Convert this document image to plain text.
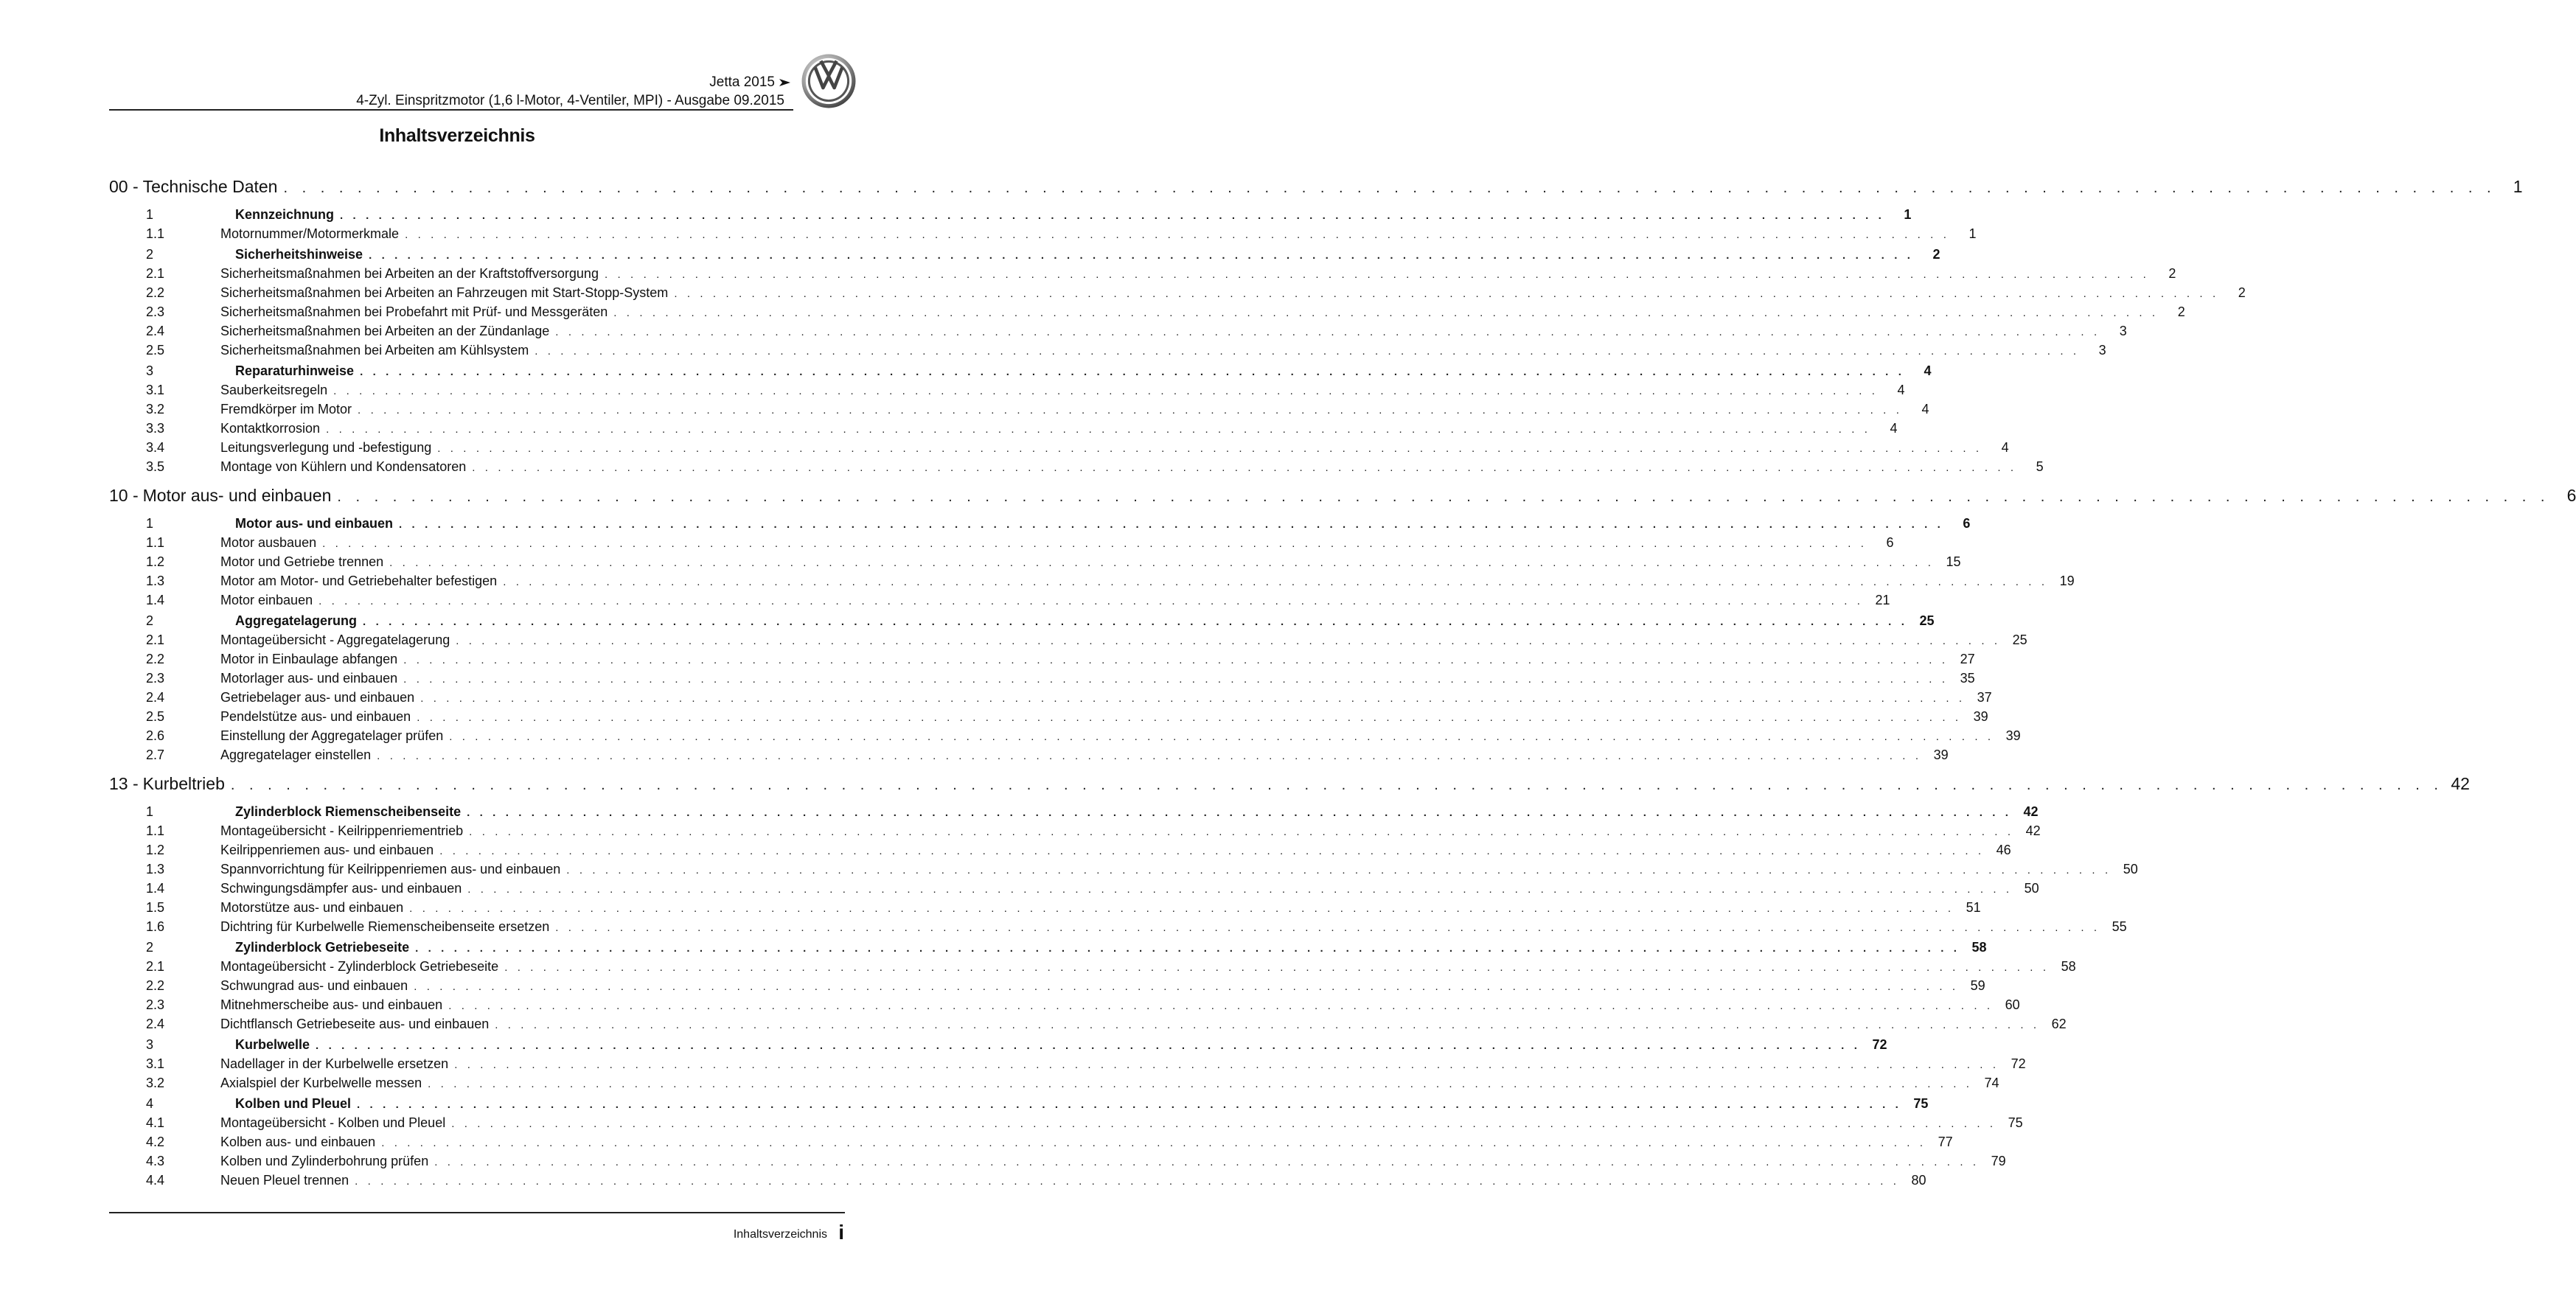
Jetta 2015
4-Zyl. Einspritzmotor (1,6 l-Motor, 4-Ventiler, MPI) - Ausgabe 09.2015
Inhaltsverzeichnis
00 - Technische Daten . . . . . . . . . . . . . . . . . . . . . . . . . . . . . . . . . . . . . . . . . . . . . . . . . . . . . . . . . . . . . . . . . . . . . . . . . . . . . . . . . . . . . . . . . . . . . . . . . . . . . . . . . . . . . . . . . . . . . . . .	1
1	Kennzeichnung . . . . . . . . . . . . . . . . . . . . . . . . . . . . . . . . . . . . . . . . . . . . . . . . . . . . . . . . . . . . . . . . . . . . . . . . . . . . . . . . . . . . . . . . . . . . . . . . . . . . . . . . . . . . . . . . . . . . . . . .	1
1.1	Motornummer/Motormerkmale . . . . . . . . . . . . . . . . . . . . . . . . . . . . . . . . . . . . . . . . . . . . . . . . . . . . . . . . . . . . . . . . . . . . . . . . . . . . . . . . . . . . . . . . . . . . . . . . . . . . . . . . . . . . . . . . . . . . . . . .	1
2	Sicherheitshinweise . . . . . . . . . . . . . . . . . . . . . . . . . . . . . . . . . . . . . . . . . . . . . . . . . . . . . . . . . . . . . . . . . . . . . . . . . . . . . . . . . . . . . . . . . . . . . . . . . . . . . . . . . . . . . . . . . . . . . . . .	2
2.1	Sicherheitsmaßnahmen bei Arbeiten an der Kraftstoffversorgung . . . . . . . . . . . . . . . . . . . . . . . . . . . . . . . . . . . . . . . . . . . . . . . . . . . . . . . . . . . . . . . . . . . . . . . . . . . . . . . . . . . . . . . . . . . . . . . . . . . . . . . . . . . . . . . . . . . . . . . .	2
2.2	Sicherheitsmaßnahmen bei Arbeiten an Fahrzeugen mit Start-Stopp-System . . . . . . . . . . . . . . . . . . . . . . . . . . . . . . . . . . . . . . . . . . . . . . . . . . . . . . . . . . . . . . . . . . . . . . . . . . . . . . . . . . . . . . . . . . . . . . . . . . . . . . . . . . . . . . . . . . . . . . . .	2
2.3	Sicherheitsmaßnahmen bei Probefahrt mit Prüf- und Messgeräten . . . . . . . . . . . . . . . . . . . . . . . . . . . . . . . . . . . . . . . . . . . . . . . . . . . . . . . . . . . . . . . . . . . . . . . . . . . . . . . . . . . . . . . . . . . . . . . . . . . . . . . . . . . . . . . . . . . . . . . .	2
2.4	Sicherheitsmaßnahmen bei Arbeiten an der Zündanlage . . . . . . . . . . . . . . . . . . . . . . . . . . . . . . . . . . . . . . . . . . . . . . . . . . . . . . . . . . . . . . . . . . . . . . . . . . . . . . . . . . . . . . . . . . . . . . . . . . . . . . . . . . . . . . . . . . . . . . . .	3
2.5	Sicherheitsmaßnahmen bei Arbeiten am Kühlsystem . . . . . . . . . . . . . . . . . . . . . . . . . . . . . . . . . . . . . . . . . . . . . . . . . . . . . . . . . . . . . . . . . . . . . . . . . . . . . . . . . . . . . . . . . . . . . . . . . . . . . . . . . . . . . . . . . . . . . . . .	3
3	Reparaturhinweise . . . . . . . . . . . . . . . . . . . . . . . . . . . . . . . . . . . . . . . . . . . . . . . . . . . . . . . . . . . . . . . . . . . . . . . . . . . . . . . . . . . . . . . . . . . . . . . . . . . . . . . . . . . . . . . . . . . . . . . .	4
3.1	Sauberkeitsregeln . . . . . . . . . . . . . . . . . . . . . . . . . . . . . . . . . . . . . . . . . . . . . . . . . . . . . . . . . . . . . . . . . . . . . . . . . . . . . . . . . . . . . . . . . . . . . . . . . . . . . . . . . . . . . . . . . . . . . . . .	4
3.2	Fremdkörper im Motor . . . . . . . . . . . . . . . . . . . . . . . . . . . . . . . . . . . . . . . . . . . . . . . . . . . . . . . . . . . . . . . . . . . . . . . . . . . . . . . . . . . . . . . . . . . . . . . . . . . . . . . . . . . . . . . . . . . . . . . .	4
3.3	Kontaktkorrosion . . . . . . . . . . . . . . . . . . . . . . . . . . . . . . . . . . . . . . . . . . . . . . . . . . . . . . . . . . . . . . . . . . . . . . . . . . . . . . . . . . . . . . . . . . . . . . . . . . . . . . . . . . . . . . . . . . . . . . . .	4
3.4	Leitungsverlegung und -befestigung . . . . . . . . . . . . . . . . . . . . . . . . . . . . . . . . . . . . . . . . . . . . . . . . . . . . . . . . . . . . . . . . . . . . . . . . . . . . . . . . . . . . . . . . . . . . . . . . . . . . . . . . . . . . . . . . . . . . . . . .	4
3.5	Montage von Kühlern und Kondensatoren . . . . . . . . . . . . . . . . . . . . . . . . . . . . . . . . . . . . . . . . . . . . . . . . . . . . . . . . . . . . . . . . . . . . . . . . . . . . . . . . . . . . . . . . . . . . . . . . . . . . . . . . . . . . . . . . . . . . . . . .	5
10 - Motor aus- und einbauen . . . . . . . . . . . . . . . . . . . . . . . . . . . . . . . . . . . . . . . . . . . . . . . . . . . . . . . . . . . . . . . . . . . . . . . . . . . . . . . . . . . . . . . . . . . . . . . . . . . . . . . . . . . . . . . . . . . . . . . .	6
1	Motor aus- und einbauen . . . . . . . . . . . . . . . . . . . . . . . . . . . . . . . . . . . . . . . . . . . . . . . . . . . . . . . . . . . . . . . . . . . . . . . . . . . . . . . . . . . . . . . . . . . . . . . . . . . . . . . . . . . . . . . . . . . . . . . .	6
1.1	Motor ausbauen . . . . . . . . . . . . . . . . . . . . . . . . . . . . . . . . . . . . . . . . . . . . . . . . . . . . . . . . . . . . . . . . . . . . . . . . . . . . . . . . . . . . . . . . . . . . . . . . . . . . . . . . . . . . . . . . . . . . . . . .	6
1.2	Motor und Getriebe trennen . . . . . . . . . . . . . . . . . . . . . . . . . . . . . . . . . . . . . . . . . . . . . . . . . . . . . . . . . . . . . . . . . . . . . . . . . . . . . . . . . . . . . . . . . . . . . . . . . . . . . . . . . . . . . . . . . . . . . . . . 15
1.3	Motor am Motor- und Getriebehalter befestigen . . . . . . . . . . . . . . . . . . . . . . . . . . . . . . . . . . . . . . . . . . . . . . . . . . . . . . . . . . . . . . . . . . . . . . . . . . . . . . . . . . . . . . . . . . . . . . . . . . . . . . . . . . . . . . . . . . . . . . . . 19
1.4	Motor einbauen . . . . . . . . . . . . . . . . . . . . . . . . . . . . . . . . . . . . . . . . . . . . . . . . . . . . . . . . . . . . . . . . . . . . . . . . . . . . . . . . . . . . . . . . . . . . . . . . . . . . . . . . . . . . . . . . . . . . . . . . 21
2	Aggregatelagerung . . . . . . . . . . . . . . . . . . . . . . . . . . . . . . . . . . . . . . . . . . . . . . . . . . . . . . . . . . . . . . . . . . . . . . . . . . . . . . . . . . . . . . . . . . . . . . . . . . . . . . . . . . . . . . . . . . . . . . . . 25
2.1	Montageübersicht - Aggregatelagerung . . . . . . . . . . . . . . . . . . . . . . . . . . . . . . . . . . . . . . . . . . . . . . . . . . . . . . . . . . . . . . . . . . . . . . . . . . . . . . . . . . . . . . . . . . . . . . . . . . . . . . . . . . . . . . . . . . . . . . . . 25
2.2	Motor in Einbaulage abfangen . . . . . . . . . . . . . . . . . . . . . . . . . . . . . . . . . . . . . . . . . . . . . . . . . . . . . . . . . . . . . . . . . . . . . . . . . . . . . . . . . . . . . . . . . . . . . . . . . . . . . . . . . . . . . . . . . . . . . . . . 27
2.3	Motorlager aus- und einbauen . . . . . . . . . . . . . . . . . . . . . . . . . . . . . . . . . . . . . . . . . . . . . . . . . . . . . . . . . . . . . . . . . . . . . . . . . . . . . . . . . . . . . . . . . . . . . . . . . . . . . . . . . . . . . . . . . . . . . . . . 35
2.4	Getriebelager aus- und einbauen . . . . . . . . . . . . . . . . . . . . . . . . . . . . . . . . . . . . . . . . . . . . . . . . . . . . . . . . . . . . . . . . . . . . . . . . . . . . . . . . . . . . . . . . . . . . . . . . . . . . . . . . . . . . . . . . . . . . . . . . 37
2.5	Pendelstütze aus- und einbauen . . . . . . . . . . . . . . . . . . . . . . . . . . . . . . . . . . . . . . . . . . . . . . . . . . . . . . . . . . . . . . . . . . . . . . . . . . . . . . . . . . . . . . . . . . . . . . . . . . . . . . . . . . . . . . . . . . . . . . . . 39
2.6	Einstellung der Aggregatelager prüfen . . . . . . . . . . . . . . . . . . . . . . . . . . . . . . . . . . . . . . . . . . . . . . . . . . . . . . . . . . . . . . . . . . . . . . . . . . . . . . . . . . . . . . . . . . . . . . . . . . . . . . . . . . . . . . . . . . . . . . . . 39
2.7	Aggregatelager einstellen . . . . . . . . . . . . . . . . . . . . . . . . . . . . . . . . . . . . . . . . . . . . . . . . . . . . . . . . . . . . . . . . . . . . . . . . . . . . . . . . . . . . . . . . . . . . . . . . . . . . . . . . . . . . . . . . . . . . . . . . 39
13 - Kurbeltrieb . . . . . . . . . . . . . . . . . . . . . . . . . . . . . . . . . . . . . . . . . . . . . . . . . . . . . . . . . . . . . . . . . . . . . . . . . . . . . . . . . . . . . . . . . . . . . . . . . . . . . . . . . . . . . . . . . . . . . . . . 42
1	Zylinderblock Riemenscheibenseite . . . . . . . . . . . . . . . . . . . . . . . . . . . . . . . . . . . . . . . . . . . . . . . . . . . . . . . . . . . . . . . . . . . . . . . . . . . . . . . . . . . . . . . . . . . . . . . . . . . . . . . . . . . . . . . . . . . . . . . . 42
1.1	Montageübersicht - Keilrippenriementrieb . . . . . . . . . . . . . . . . . . . . . . . . . . . . . . . . . . . . . . . . . . . . . . . . . . . . . . . . . . . . . . . . . . . . . . . . . . . . . . . . . . . . . . . . . . . . . . . . . . . . . . . . . . . . . . . . . . . . . . . . 42
1.2	Keilrippenriemen aus- und einbauen . . . . . . . . . . . . . . . . . . . . . . . . . . . . . . . . . . . . . . . . . . . . . . . . . . . . . . . . . . . . . . . . . . . . . . . . . . . . . . . . . . . . . . . . . . . . . . . . . . . . . . . . . . . . . . . . . . . . . . . . 46
1.3	Spannvorrichtung für Keilrippenriemen aus- und einbauen . . . . . . . . . . . . . . . . . . . . . . . . . . . . . . . . . . . . . . . . . . . . . . . . . . . . . . . . . . . . . . . . . . . . . . . . . . . . . . . . . . . . . . . . . . . . . . . . . . . . . . . . . . . . . . . . . . . . . . . . 50
1.4	Schwingungsdämpfer aus- und einbauen . . . . . . . . . . . . . . . . . . . . . . . . . . . . . . . . . . . . . . . . . . . . . . . . . . . . . . . . . . . . . . . . . . . . . . . . . . . . . . . . . . . . . . . . . . . . . . . . . . . . . . . . . . . . . . . . . . . . . . . . 50
1.5	Motorstütze aus- und einbauen . . . . . . . . . . . . . . . . . . . . . . . . . . . . . . . . . . . . . . . . . . . . . . . . . . . . . . . . . . . . . . . . . . . . . . . . . . . . . . . . . . . . . . . . . . . . . . . . . . . . . . . . . . . . . . . . . . . . . . . . 51
1.6	Dichtring für Kurbelwelle Riemenscheibenseite ersetzen . . . . . . . . . . . . . . . . . . . . . . . . . . . . . . . . . . . . . . . . . . . . . . . . . . . . . . . . . . . . . . . . . . . . . . . . . . . . . . . . . . . . . . . . . . . . . . . . . . . . . . . . . . . . . . . . . . . . . . . . 55
2	Zylinderblock Getriebeseite . . . . . . . . . . . . . . . . . . . . . . . . . . . . . . . . . . . . . . . . . . . . . . . . . . . . . . . . . . . . . . . . . . . . . . . . . . . . . . . . . . . . . . . . . . . . . . . . . . . . . . . . . . . . . . . . . . . . . . . . 58
2.1	Montageübersicht - Zylinderblock Getriebeseite . . . . . . . . . . . . . . . . . . . . . . . . . . . . . . . . . . . . . . . . . . . . . . . . . . . . . . . . . . . . . . . . . . . . . . . . . . . . . . . . . . . . . . . . . . . . . . . . . . . . . . . . . . . . . . . . . . . . . . . . 58
2.2	Schwungrad aus- und einbauen . . . . . . . . . . . . . . . . . . . . . . . . . . . . . . . . . . . . . . . . . . . . . . . . . . . . . . . . . . . . . . . . . . . . . . . . . . . . . . . . . . . . . . . . . . . . . . . . . . . . . . . . . . . . . . . . . . . . . . . . 59
2.3	Mitnehmerscheibe aus- und einbauen . . . . . . . . . . . . . . . . . . . . . . . . . . . . . . . . . . . . . . . . . . . . . . . . . . . . . . . . . . . . . . . . . . . . . . . . . . . . . . . . . . . . . . . . . . . . . . . . . . . . . . . . . . . . . . . . . . . . . . . . 60
2.4	Dichtflansch Getriebeseite aus- und einbauen . . . . . . . . . . . . . . . . . . . . . . . . . . . . . . . . . . . . . . . . . . . . . . . . . . . . . . . . . . . . . . . . . . . . . . . . . . . . . . . . . . . . . . . . . . . . . . . . . . . . . . . . . . . . . . . . . . . . . . . . 62
3	Kurbelwelle . . . . . . . . . . . . . . . . . . . . . . . . . . . . . . . . . . . . . . . . . . . . . . . . . . . . . . . . . . . . . . . . . . . . . . . . . . . . . . . . . . . . . . . . . . . . . . . . . . . . . . . . . . . . . . . . . . . . . . . . 72
3.1	Nadellager in der Kurbelwelle ersetzen . . . . . . . . . . . . . . . . . . . . . . . . . . . . . . . . . . . . . . . . . . . . . . . . . . . . . . . . . . . . . . . . . . . . . . . . . . . . . . . . . . . . . . . . . . . . . . . . . . . . . . . . . . . . . . . . . . . . . . . . 72
3.2	Axialspiel der Kurbelwelle messen . . . . . . . . . . . . . . . . . . . . . . . . . . . . . . . . . . . . . . . . . . . . . . . . . . . . . . . . . . . . . . . . . . . . . . . . . . . . . . . . . . . . . . . . . . . . . . . . . . . . . . . . . . . . . . . . . . . . . . . . 74
4	Kolben und Pleuel . . . . . . . . . . . . . . . . . . . . . . . . . . . . . . . . . . . . . . . . . . . . . . . . . . . . . . . . . . . . . . . . . . . . . . . . . . . . . . . . . . . . . . . . . . . . . . . . . . . . . . . . . . . . . . . . . . . . . . . . 75
4.1	Montageübersicht - Kolben und Pleuel . . . . . . . . . . . . . . . . . . . . . . . . . . . . . . . . . . . . . . . . . . . . . . . . . . . . . . . . . . . . . . . . . . . . . . . . . . . . . . . . . . . . . . . . . . . . . . . . . . . . . . . . . . . . . . . . . . . . . . . . 75
4.2	Kolben aus- und einbauen . . . . . . . . . . . . . . . . . . . . . . . . . . . . . . . . . . . . . . . . . . . . . . . . . . . . . . . . . . . . . . . . . . . . . . . . . . . . . . . . . . . . . . . . . . . . . . . . . . . . . . . . . . . . . . . . . . . . . . . . 77
4.3	Kolben und Zylinderbohrung prüfen . . . . . . . . . . . . . . . . . . . . . . . . . . . . . . . . . . . . . . . . . . . . . . . . . . . . . . . . . . . . . . . . . . . . . . . . . . . . . . . . . . . . . . . . . . . . . . . . . . . . . . . . . . . . . . . . . . . . . . . . 79
4.4	Neuen Pleuel trennen . . . . . . . . . . . . . . . . . . . . . . . . . . . . . . . . . . . . . . . . . . . . . . . . . . . . . . . . . . . . . . . . . . . . . . . . . . . . . . . . . . . . . . . . . . . . . . . . . . . . . . . . . . . . . . . . . . . . . . . . 80
Inhaltsverzeichnis i
